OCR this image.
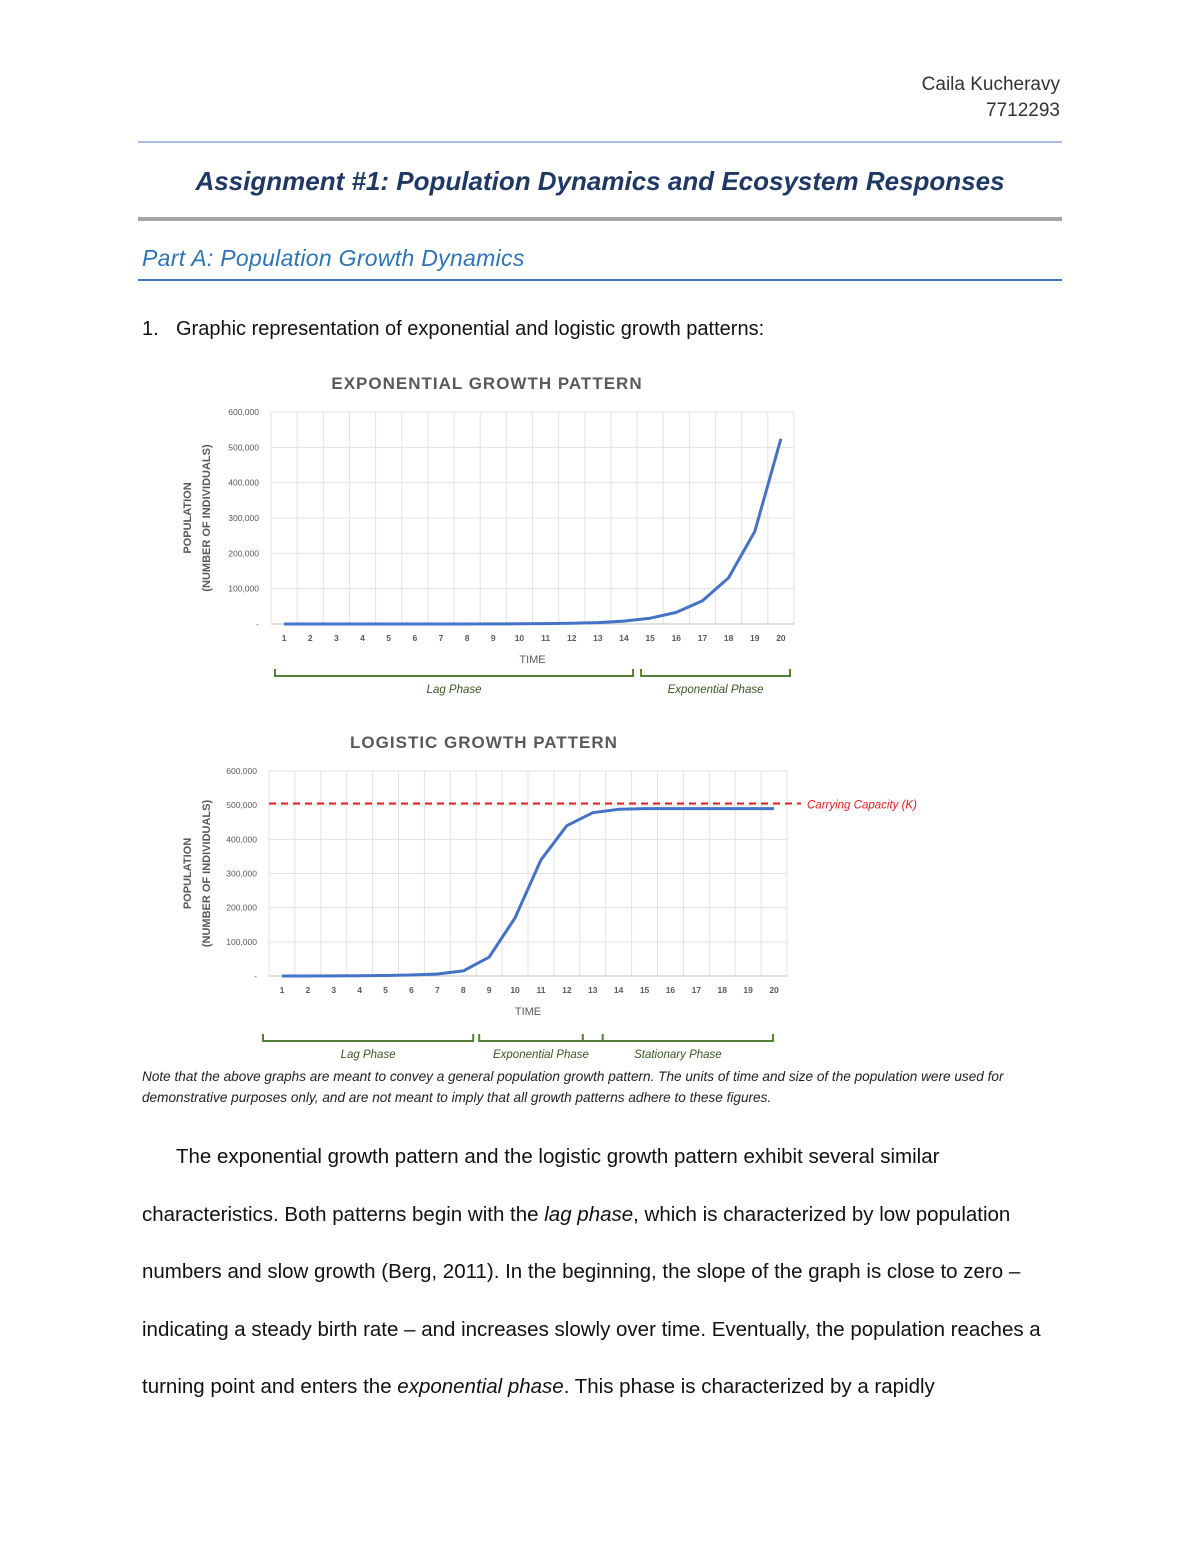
Caila Kucheravy
7712293
Assignment #1: Population Dynamics and Ecosystem Responses
Part A: Population Growth Dynamics
1. Graphic representation of exponential and logistic growth patterns:
EXPONENTIAL GROWTH PATTERN
-
100,000
200,000
300,000
400,000
500,000
600,000
1	2	3	4	5	6	7	8	9 10 11 12 13 14 15 16 17 18 19 20
TIME
POPULATION (NUMBER OF INDIVIDUALS)
Lag Phase	Exponential Phase
LOGISTIC GROWTH PATTERN
-
100,000
200,000
300,000
400,000
500,000
600,000
1 2 3 4 5 6 7 8 9 10 11 12 13 14 15 16 17 18 19 20
TIME
POPULATION (NUMBER OF INDIVIDUALS)	Carrying Capacity (K)
Lag Phase	Exponential Phase	Stationary Phase
Note that the above graphs are meant to convey a general population growth pattern. The units of time and size of the population were used for demonstrative purposes only, and are not meant to imply that all growth patterns adhere to these figures.
The exponential growth pattern and the logistic growth pattern exhibit several similar characteristics. Both patterns begin with the lag phase, which is characterized by low population numbers and slow growth (Berg, 2011). In the beginning, the slope of the graph is close to zero – indicating a steady birth rate – and increases slowly over time. Eventually, the population reaches a turning point and enters the exponential phase. This phase is characterized by a rapidly
